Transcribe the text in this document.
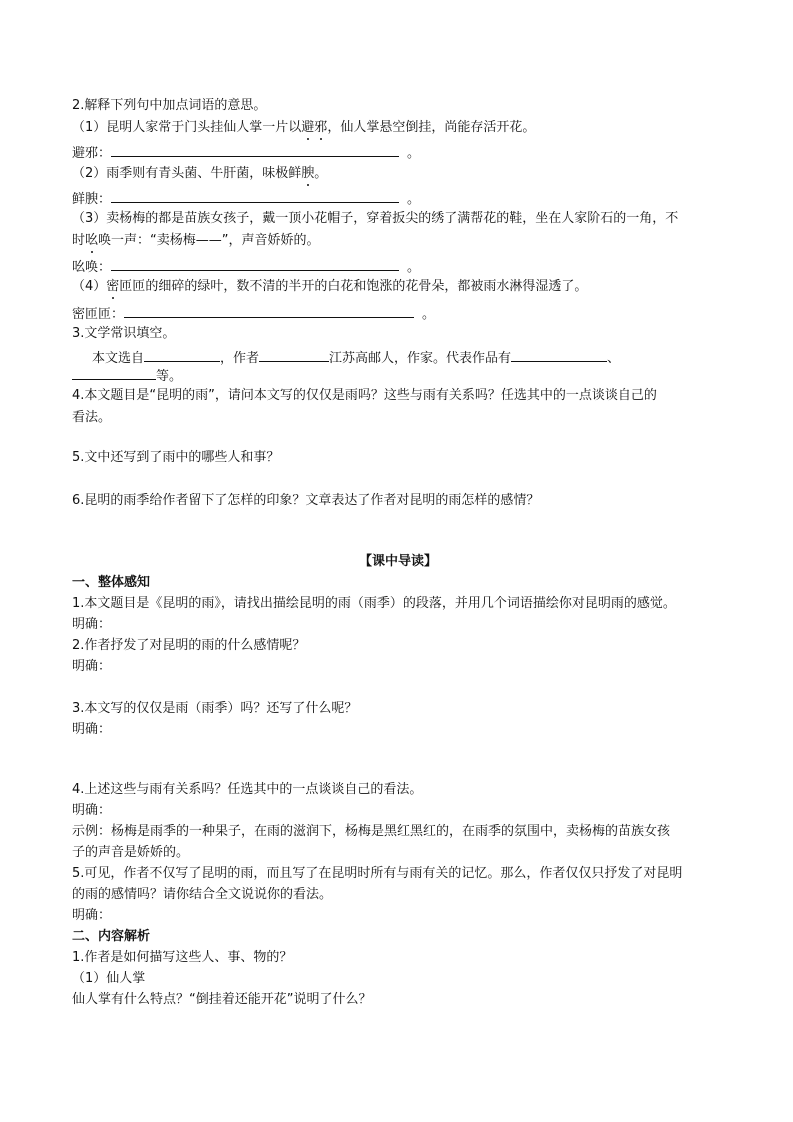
2.解释下列句中加点词语的意思。
（1）昆明人家常于门头挂仙人掌一片以避邪，仙人掌悬空倒挂，尚能存活开花。
避邪：	。
（2）雨季则有青头菌、牛肝菌，味极鲜腴。
鲜腴：	。
（3）卖杨梅的都是苗族女孩子，戴一顶小花帽子，穿着扳尖的绣了满帮花的鞋，坐在人家阶石的一角，不
时吆唤一声：“卖杨梅——”，声音娇娇的。
吆唤：	。
（4）密匝匝的细碎的绿叶，数不清的半开的白花和饱涨的花骨朵，都被雨水淋得湿透了。
密匝匝：	。
3.文学常识填空。
本文选自	，作者	江苏高邮人，作家。代表作品有	、
等。
4.本文题目是“昆明的雨”，请问本文写的仅仅是雨吗？这些与雨有关系吗？任选其中的一点谈谈自己的
看法。
5.文中还写到了雨中的哪些人和事？
6.昆明的雨季给作者留下了怎样的印象？文章表达了作者对昆明的雨怎样的感情？
【课中导读】
一、整体感知
1.本文题目是《昆明的雨》，请找出描绘昆明的雨（雨季）的段落，并用几个词语描绘你对昆明雨的感觉。
明确：
2.作者抒发了对昆明的雨的什么感情呢？
明确：
3.本文写的仅仅是雨（雨季）吗？还写了什么呢？
明确：
4.上述这些与雨有关系吗？任选其中的一点谈谈自己的看法。
明确：
示例：杨梅是雨季的一种果子，在雨的滋润下，杨梅是黑红黑红的，在雨季的氛围中，卖杨梅的苗族女孩
子的声音是娇娇的。
5.可见，作者不仅写了昆明的雨，而且写了在昆明时所有与雨有关的记忆。那么，作者仅仅只抒发了对昆明
的雨的感情吗？请你结合全文说说你的看法。
明确：
二、内容解析
1.作者是如何描写这些人、事、物的？
（1）仙人掌
仙人掌有什么特点？“倒挂着还能开花”说明了什么？
